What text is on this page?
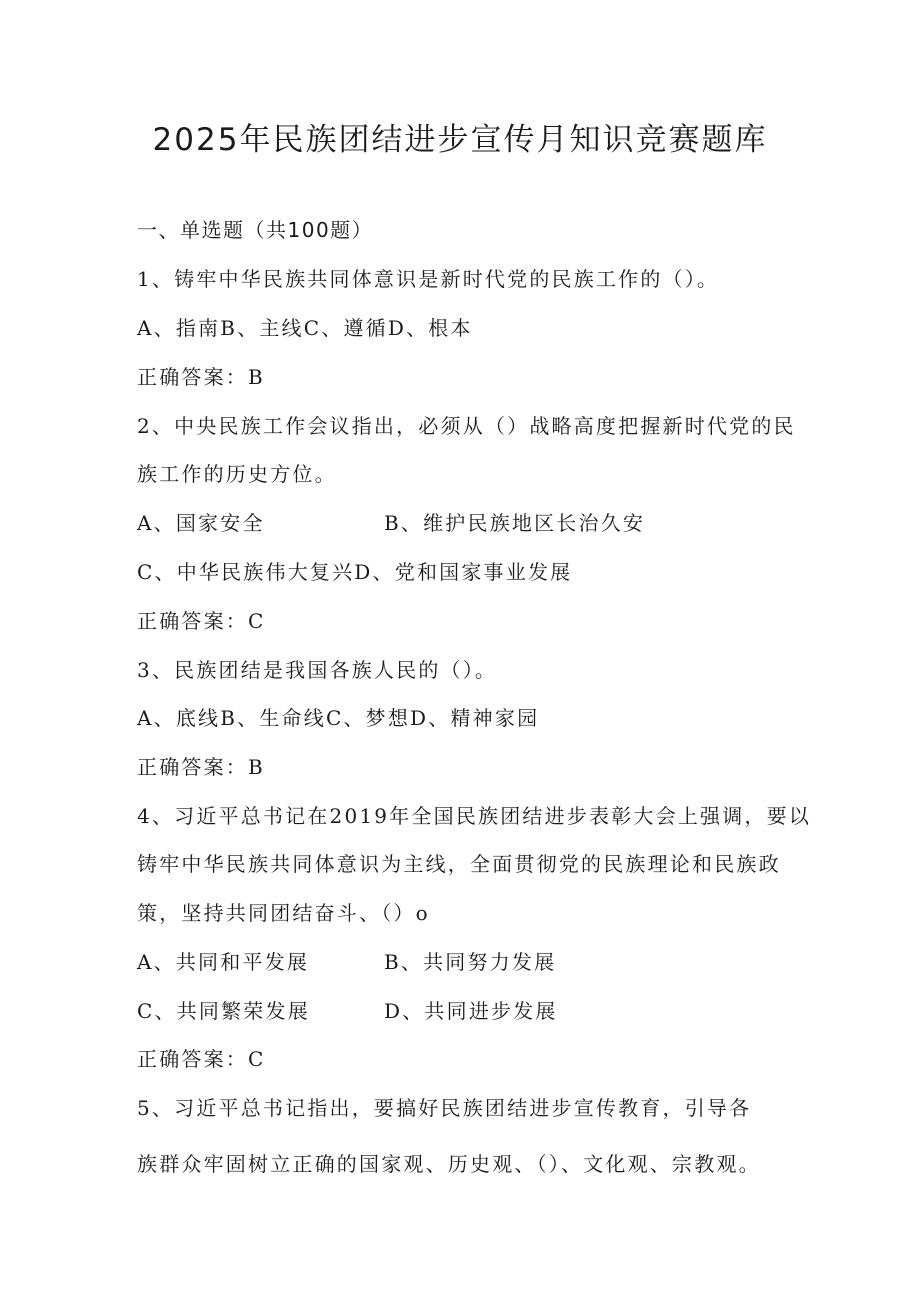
2025年民族团结进步宣传月知识竞赛题库
一、单选题（共100题）
1、铸牢中华民族共同体意识是新时代党的民族工作的（）。
A、指南B、主线C、遵循D、根本
正确答案：B
2、中央民族工作会议指出，必须从（）战略高度把握新时代党的民
族工作的历史方位。
A、国家安全	B、维护民族地区长治久安
C、中华民族伟大复兴D、党和国家事业发展
正确答案：C
3、民族团结是我国各族人民的（）。
A、底线B、生命线C、梦想D、精神家园
正确答案：B
4、习近平总书记在2019年全国民族团结进步表彰大会上强调，要以
铸牢中华民族共同体意识为主线，全面贯彻党的民族理论和民族政
策，坚持共同团结奋斗、（）o
A、共同和平发展	B、共同努力发展
C、共同繁荣发展	D、共同进步发展
正确答案：C
5、习近平总书记指出，要搞好民族团结进步宣传教育，引导各
族群众牢固树立正确的国家观、历史观、（）、文化观、宗教观。
